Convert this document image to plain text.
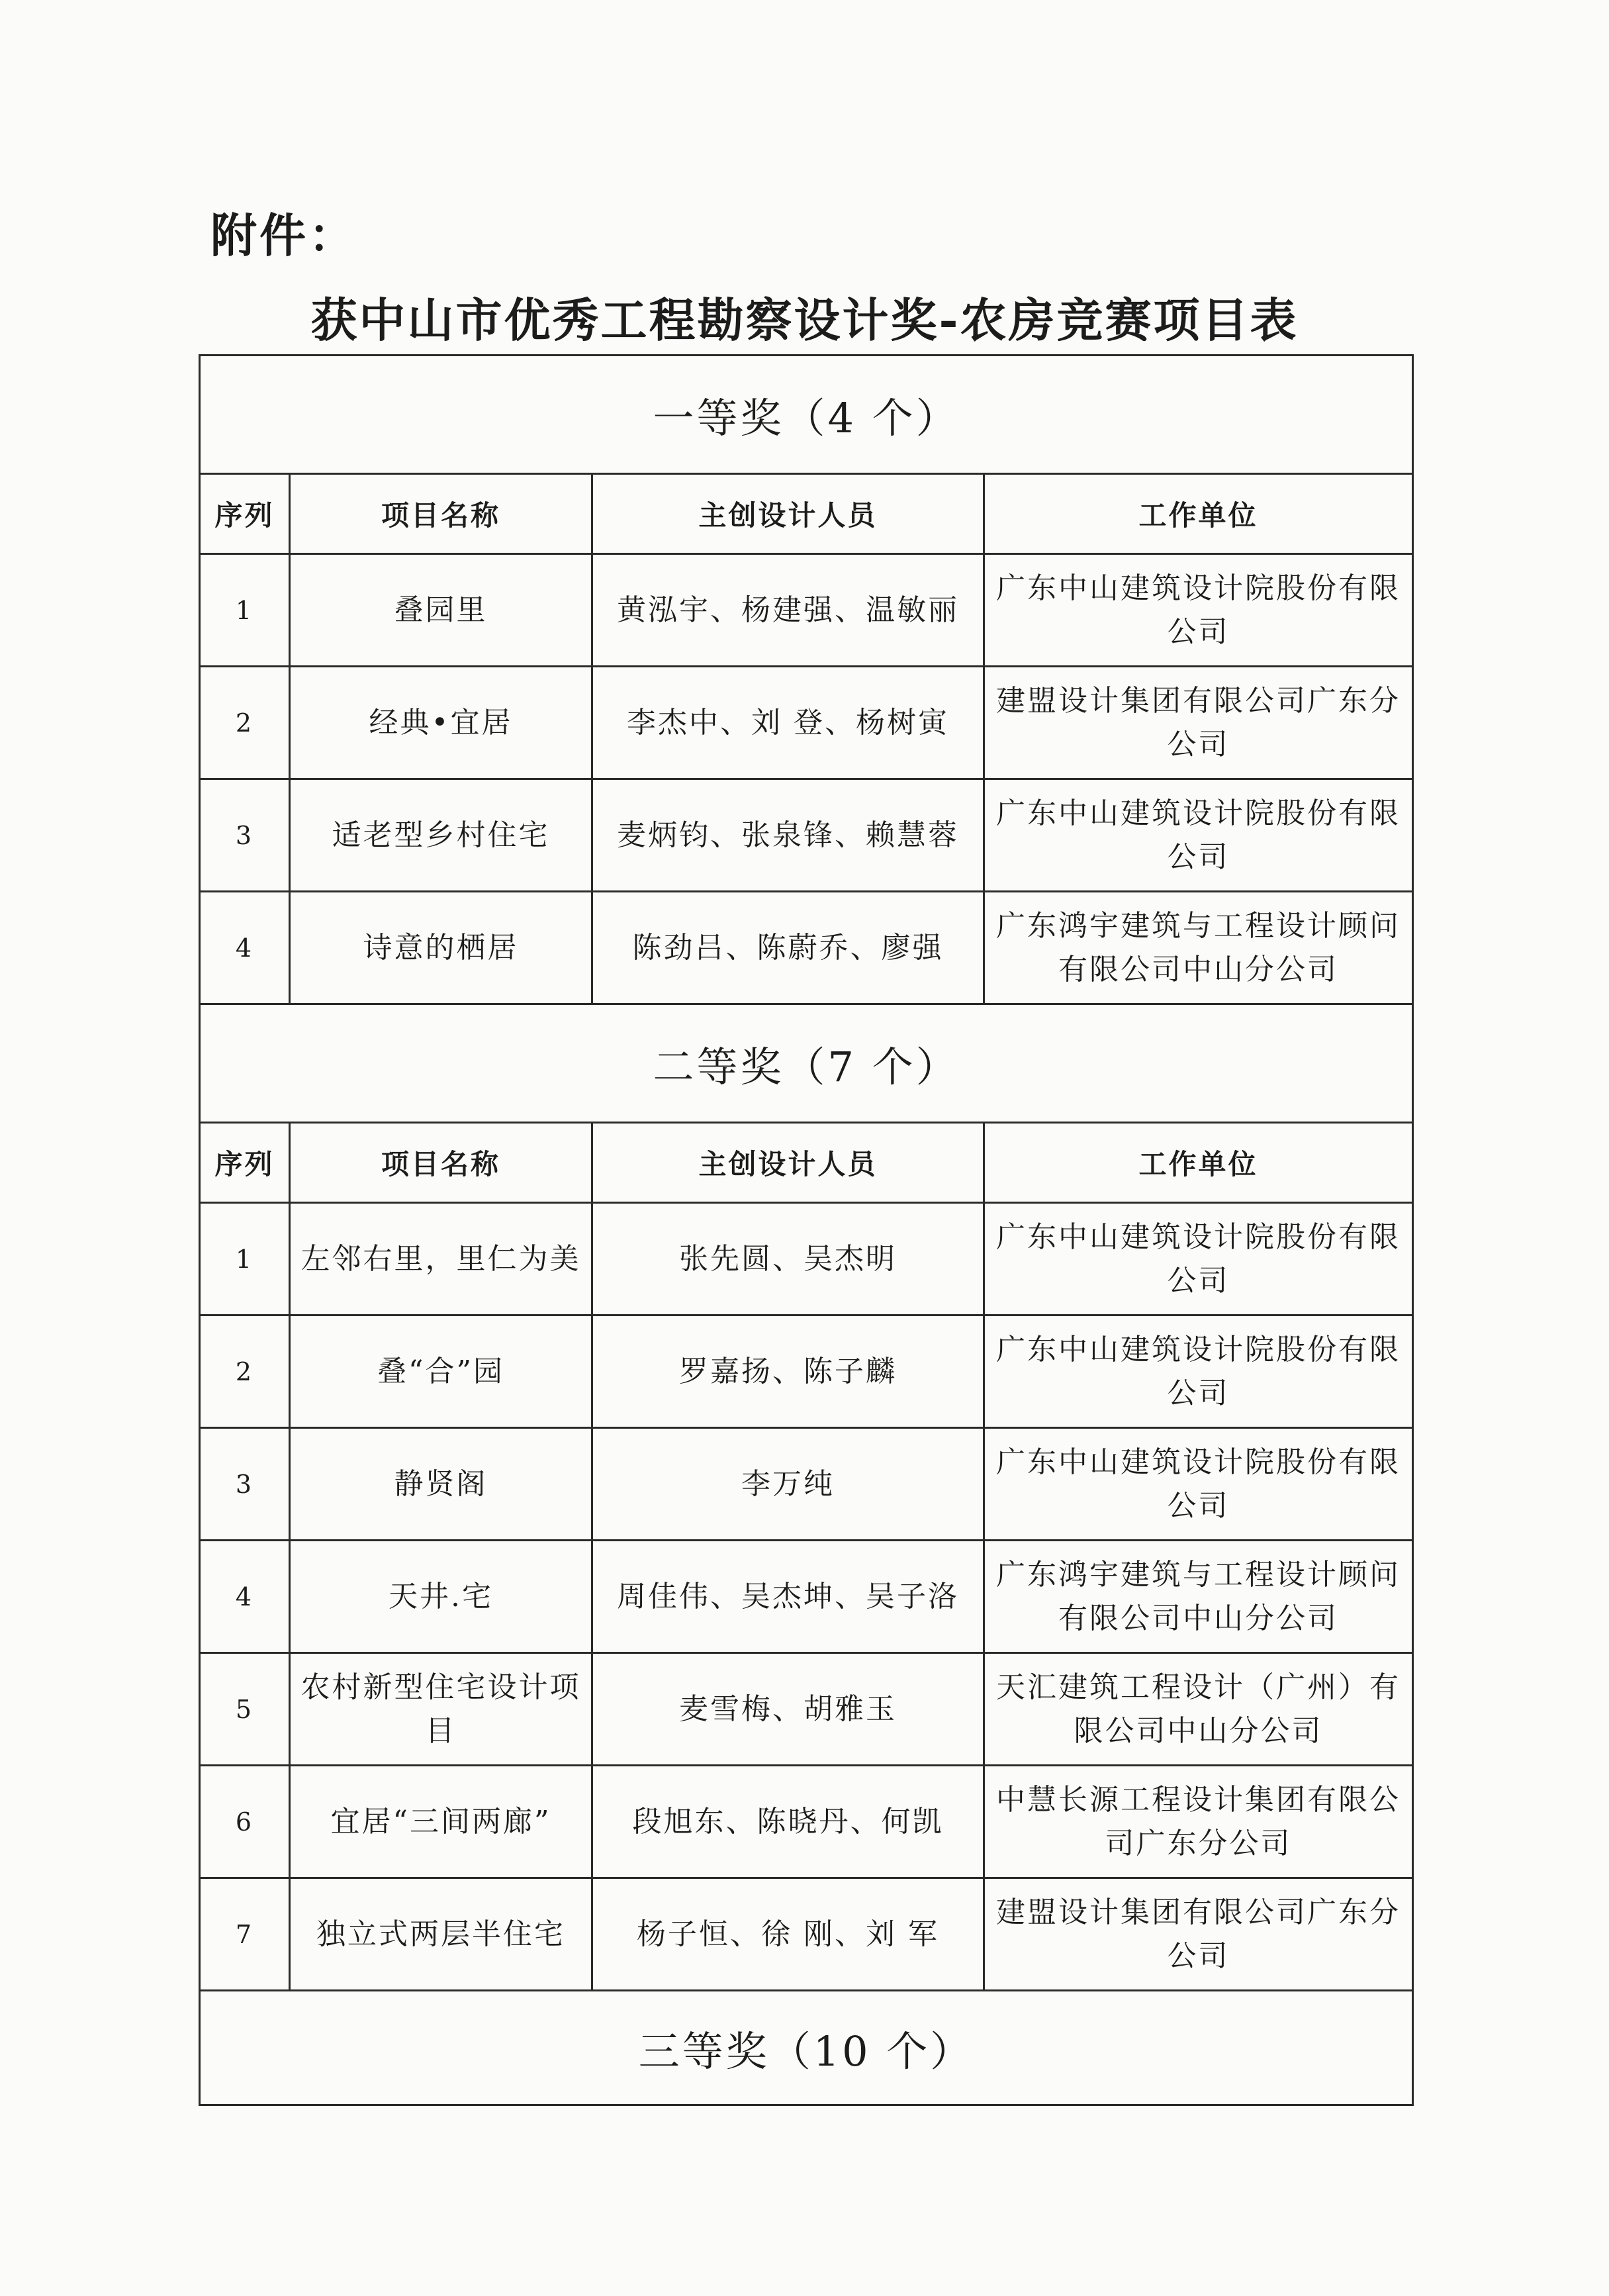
附件：
获中山市优秀工程勘察设计奖-农房竞赛项目表
一等奖（4 个）			
序列	项目名称	主创设计人员	工作单位
1	叠园里	黄泓宇、杨建强、温敏丽	广东中山建筑设计院股份有限公司
2	经典•宜居	李杰中、刘 登、杨树寅	建盟设计集团有限公司广东分公司
3	适老型乡村住宅	麦炳钧、张泉锋、赖慧蓉	广东中山建筑设计院股份有限公司
4	诗意的栖居	陈劲吕、陈蔚乔、廖强	广东鸿宇建筑与工程设计顾问有限公司中山分公司
二等奖（7 个）			
序列	项目名称	主创设计人员	工作单位
1	左邻右里，里仁为美	张先圆、吴杰明	广东中山建筑设计院股份有限公司
2	叠“合”园	罗嘉扬、陈子麟	广东中山建筑设计院股份有限公司
3	静贤阁	李万纯	广东中山建筑设计院股份有限公司
4	天井.宅	周佳伟、吴杰坤、吴子洛	广东鸿宇建筑与工程设计顾问有限公司中山分公司
5	农村新型住宅设计项目	麦雪梅、胡雅玉	天汇建筑工程设计（广州）有限公司中山分公司
6	宜居“三间两廊”	段旭东、陈晓丹、何凯	中慧长源工程设计集团有限公司广东分公司
7	独立式两层半住宅	杨子恒、徐 刚、刘 军	建盟设计集团有限公司广东分公司
三等奖（10 个）			
